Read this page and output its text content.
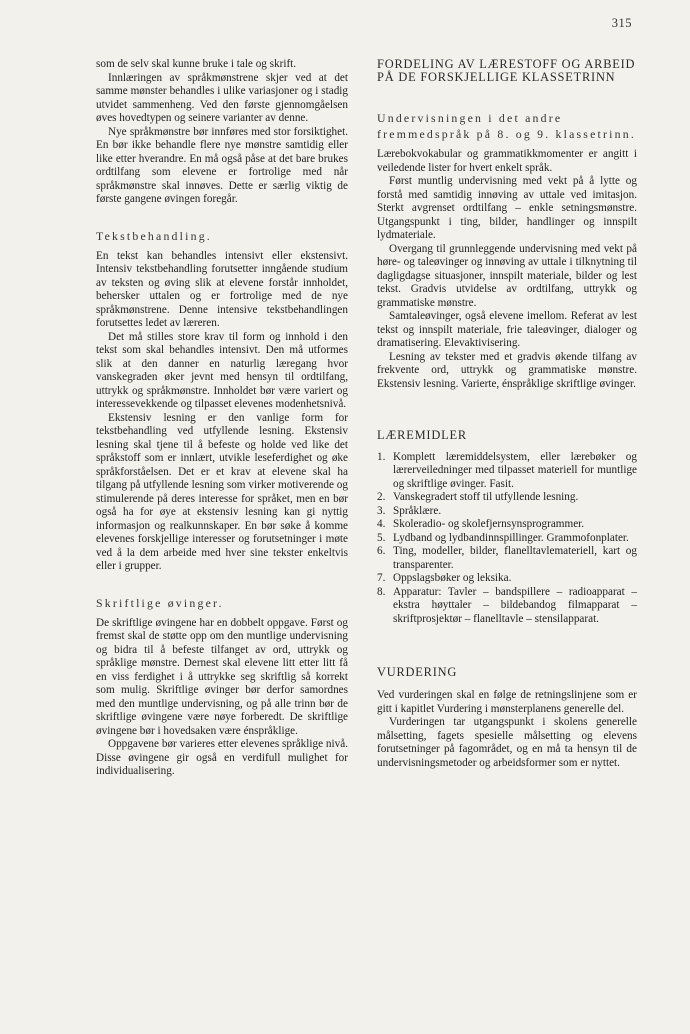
315

som de selv skal kunne bruke i tale og skrift.

Innlæringen av språkmønstrene skjer ved at det samme mønster behandles i ulike variasjoner og i stadig utvidet sammenheng. Ved den første gjennomgåelsen øves hovedtypen og seinere varianter av denne.

Nye språkmønstre bør innføres med stor forsiktighet. En bør ikke behandle flere nye mønstre samtidig eller like etter hverandre. En må også påse at det bare brukes ordtilfang som elevene er fortrolige med når språkmønstre skal innøves. Dette er særlig viktig de første gangene øvingen foregår.

Tekstbehandling.

En tekst kan behandles intensivt eller ekstensivt. Intensiv tekstbehandling forutsetter inngående studium av teksten og øving slik at elevene forstår innholdet, behersker uttalen og er fortrolige med de nye språkmønstrene. Denne intensive tekstbehandlingen forutsettes ledet av læreren.

Det må stilles store krav til form og innhold i den tekst som skal behandles intensivt. Den må utformes slik at den danner en naturlig læregang hvor vanskegraden øker jevnt med hensyn til ordtilfang, uttrykk og språkmønstre. Innholdet bør være variert og interessevekkende og tilpasset elevenes modenhetsnivå.

Ekstensiv lesning er den vanlige form for tekstbehandling ved utfyllende lesning. Ekstensiv lesning skal tjene til å befeste og holde ved like det språkstoff som er innlært, utvikle leseferdighet og øke språkforståelsen. Det er et krav at elevene skal ha tilgang på utfyllende lesning som virker motiverende og stimulerende på deres interesse for språket, men en bør også ha for øye at ekstensiv lesning kan gi nyttig informasjon og realkunnskaper. En bør søke å komme elevenes forskjellige interesser og forutsetninger i møte ved å la dem arbeide med hver sine tekster enkeltvis eller i grupper.

Skriftlige øvinger.

De skriftlige øvingene har en dobbelt oppgave. Først og fremst skal de støtte opp om den muntlige undervisning og bidra til å befeste tilfanget av ord, uttrykk og språklige mønstre. Dernest skal elevene litt etter litt få en viss ferdighet i å uttrykke seg skriftlig så korrekt som mulig. Skriftlige øvinger bør derfor samordnes med den muntlige undervisning, og på alle trinn bør de skriftlige øvingene være nøye forberedt. De skriftlige øvingene bør i hovedsaken være énspråklige.

Oppgavene bør varieres etter elevenes språklige nivå. Disse øvingene gir også en verdifull mulighet for individualisering.

FORDELING AV LÆRESTOFF OG ARBEID PÅ DE FORSKJELLIGE KLASSETRINN
Undervisningen i det andre fremmedspråk på 8. og 9. klassetrinn.

Lærebokvokabular og grammatikkmomenter er angitt i veiledende lister for hvert enkelt språk.

Først muntlig undervisning med vekt på å lytte og forstå med samtidig innøving av uttale ved imitasjon. Sterkt avgrenset ordtilfang – enkle setningsmønstre. Utgangspunkt i ting, bilder, handlinger og innspilt lydmateriale.

Overgang til grunnleggende undervisning med vekt på høre- og taleøvinger og innøving av uttale i tilknytning til dagligdagse situasjoner, innspilt materiale, bilder og lest tekst. Gradvis utvidelse av ordtilfang, uttrykk og grammatiske mønstre.

Samtaleøvinger, også elevene imellom. Referat av lest tekst og innspilt materiale, frie taleøvinger, dialoger og dramatisering. Elevaktivisering.

Lesning av tekster med et gradvis økende tilfang av frekvente ord, uttrykk og grammatiske mønstre. Ekstensiv lesning. Varierte, énspråklige skriftlige øvinger.

LÆREMIDLER
1. Komplett læremiddelsystem, eller lærebøker og lærerveiledninger med tilpasset materiell for muntlige og skriftlige øvinger. Fasit.
2. Vanskegradert stoff til utfyllende lesning.
3. Språklære.
4. Skoleradio- og skolefjernsynsprogrammer.
5. Lydband og lydbandinnspillinger. Grammofonplater.
6. Ting, modeller, bilder, flanelltavlemateriell, kart og transparenter.
7. Oppslagsbøker og leksika.
8. Apparatur: Tavler – bandspillere – radioapparat – ekstra høyttaler – bildebandog filmapparat – skriftprosjektør – flanelltavle – stensilapparat.
VURDERING

Ved vurderingen skal en følge de retningslinjene som er gitt i kapitlet Vurdering i mønsterplanens generelle del.

Vurderingen tar utgangspunkt i skolens generelle målsetting, fagets spesielle målsetting og elevens forutsetninger på fagområdet, og en må ta hensyn til de undervisningsmetoder og arbeidsformer som er nyttet.
